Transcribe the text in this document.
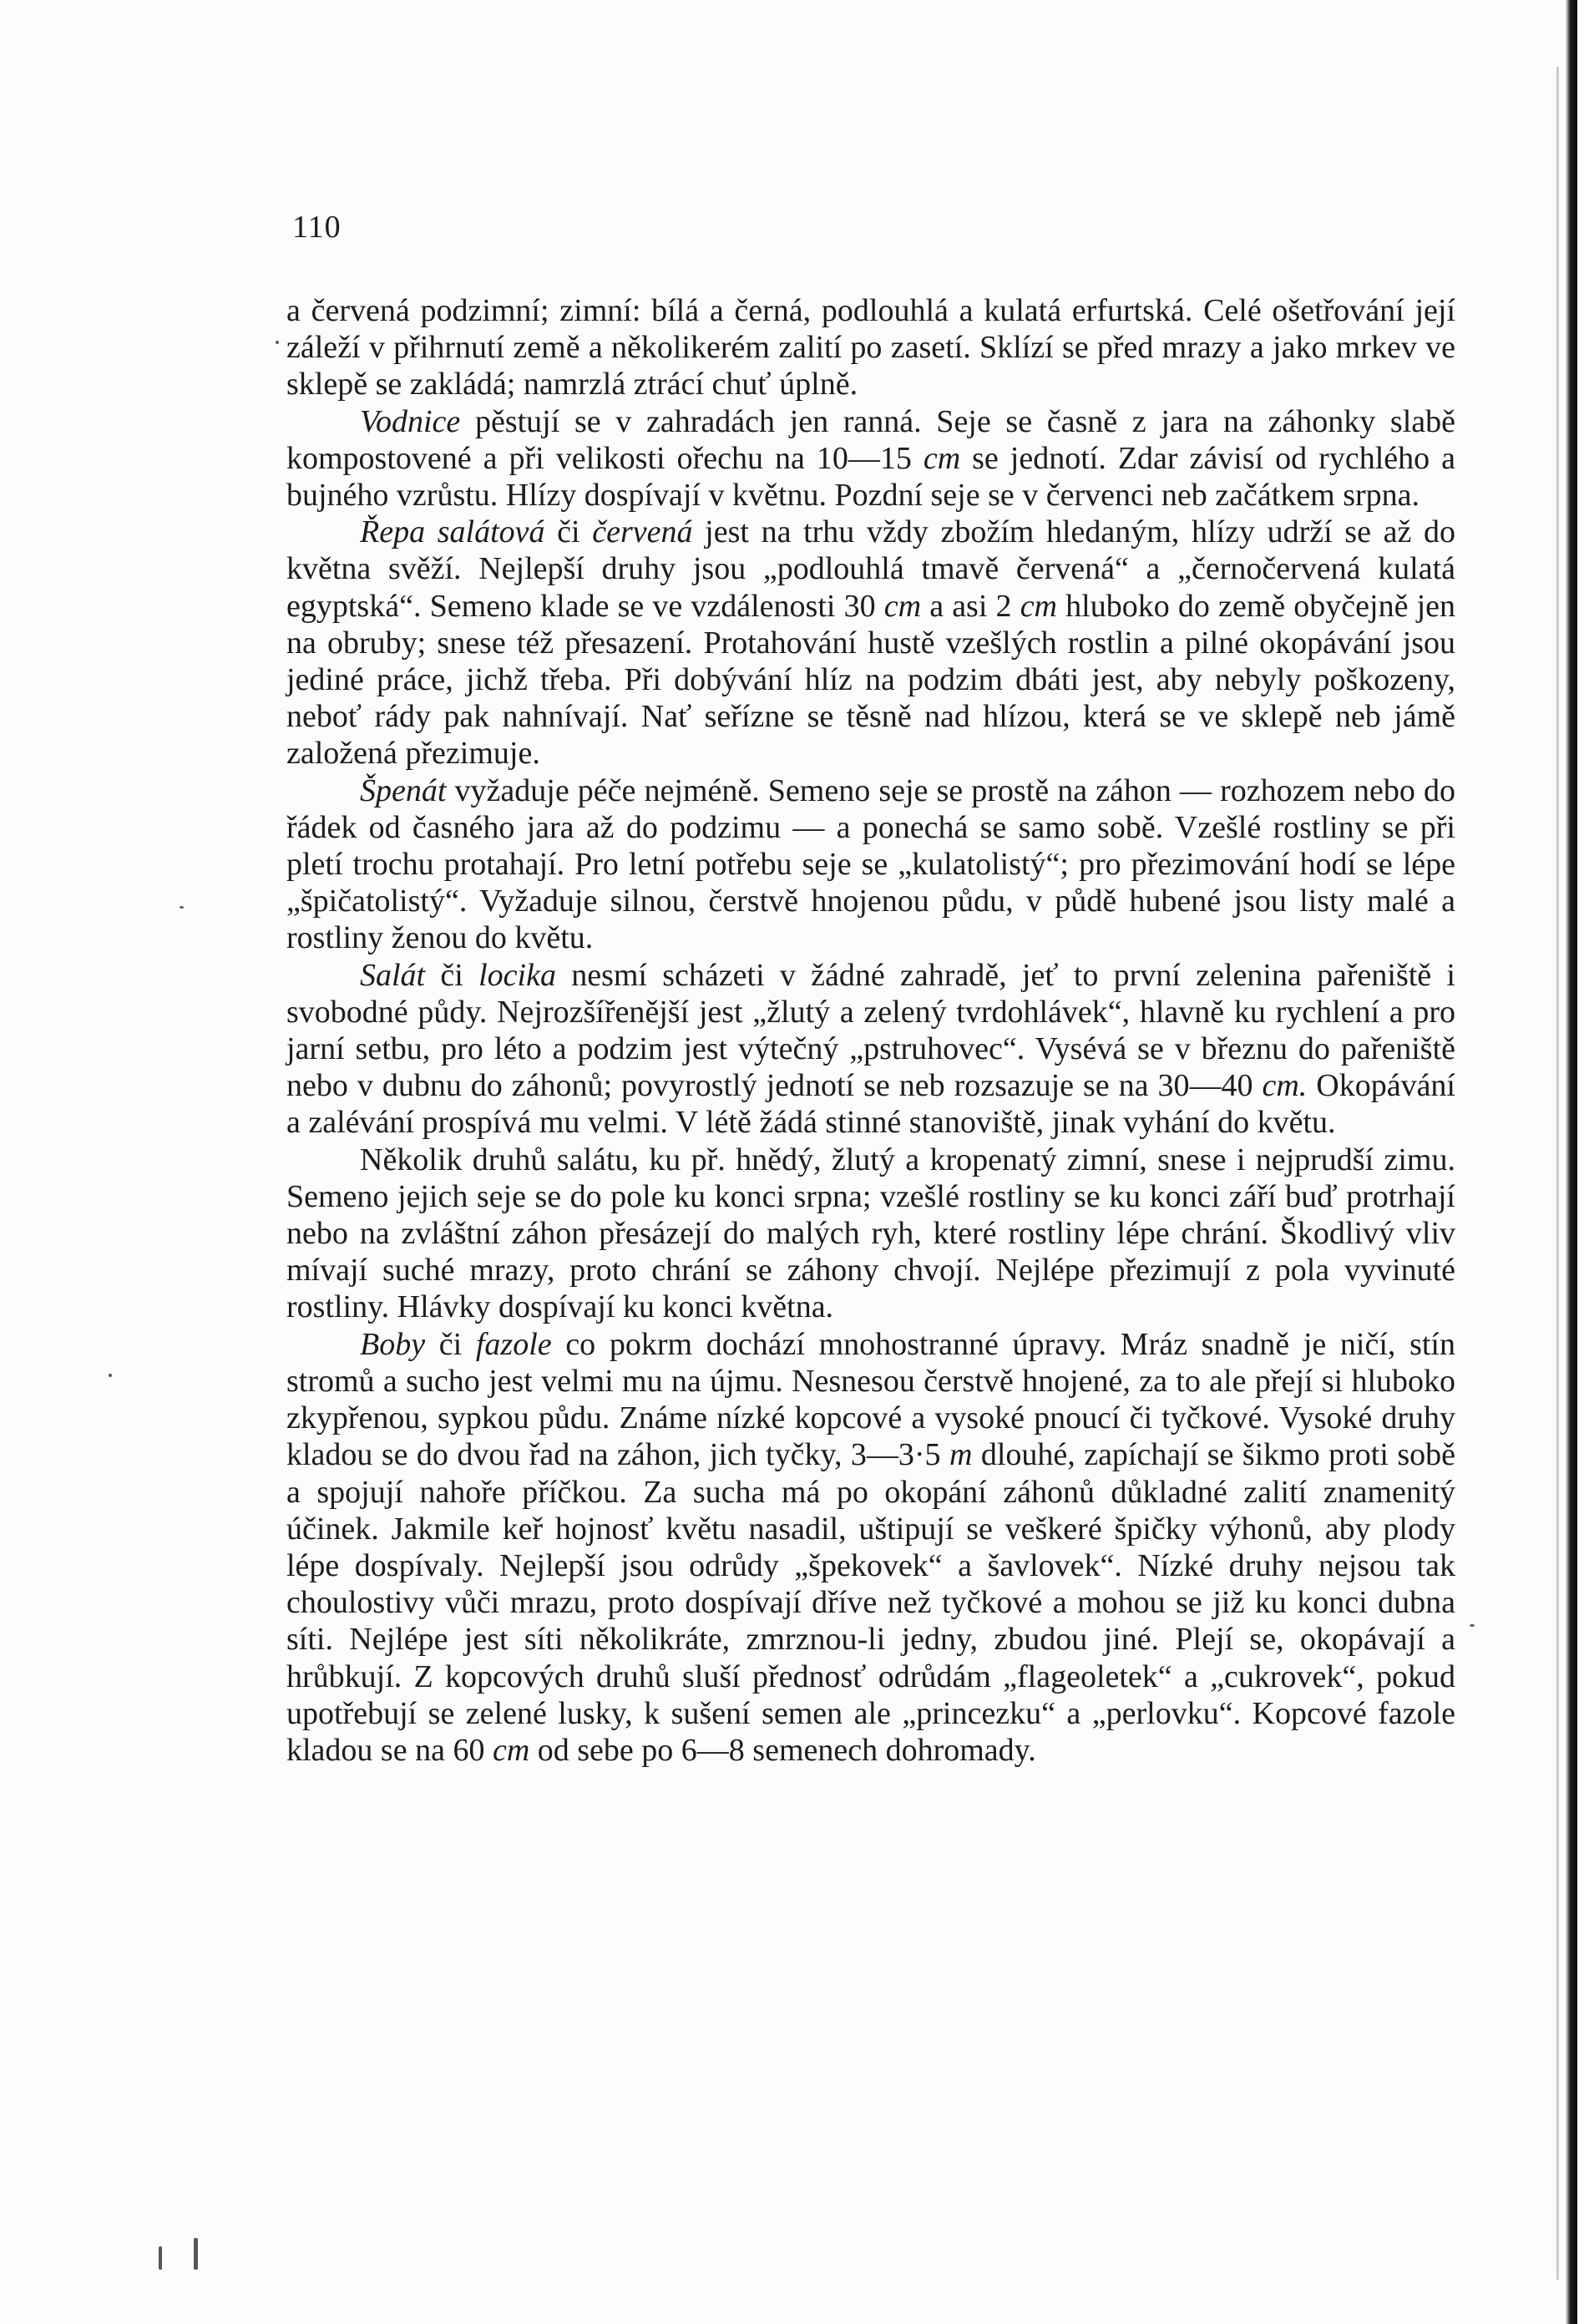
110

a červená podzimní; zimní: bílá a černá, podlouhlá a kulatá erfurtská. Celé ošetřování její záleží v přihrnutí země a několikerém zalití po zasetí. Sklízí se před mrazy a jako mrkev ve sklepě se zakládá; namrzlá ztrácí chuť úplně.

Vodnice pěstují se v zahradách jen ranná. Seje se časně z jara na záhonky slabě kompostovené a při velikosti ořechu na 10—15 cm se jednotí. Zdar závisí od rychlého a bujného vzrůstu. Hlízy dospívají v květnu. Pozdní seje se v červenci neb začátkem srpna.

Řepa salátová či červená jest na trhu vždy zbožím hledaným, hlízy udrží se až do května svěží. Nejlepší druhy jsou „podlouhlá tmavě červená“ a „černočervená kulatá egyptská“. Semeno klade se ve vzdálenosti 30 cm a asi 2 cm hluboko do země obyčejně jen na obruby; snese též přesazení. Protahování hustě vzešlých rostlin a pilné okopávání jsou jediné práce, jichž třeba. Při dobývání hlíz na podzim dbáti jest, aby nebyly poškozeny, neboť rády pak nahnívají. Nať seřízne se těsně nad hlízou, která se ve sklepě neb jámě založená přezimuje.

Špenát vyžaduje péče nejméně. Semeno seje se prostě na záhon — rozhozem nebo do řádek od časného jara až do podzimu — a ponechá se samo sobě. Vzešlé rostliny se při pletí trochu protahají. Pro letní potřebu seje se „kulatolistý“; pro přezimování hodí se lépe „špičatolistý“. Vyžaduje silnou, čerstvě hnojenou půdu, v půdě hubené jsou listy malé a rostliny ženou do květu.

Salát či locika nesmí scházeti v žádné zahradě, jeť to první zelenina pařeniště i svobodné půdy. Nejrozšířenější jest „žlutý a zelený tvrdohlávek“, hlavně ku rychlení a pro jarní setbu, pro léto a podzim jest výtečný „pstruhovec“. Vysévá se v březnu do pařeniště nebo v dubnu do záhonů; povyrostlý jednotí se neb rozsazuje se na 30—40 cm. Okopávání a zalévání prospívá mu velmi. V létě žádá stinné stanoviště, jinak vyhání do květu.

Několik druhů salátu, ku př. hnědý, žlutý a kropenatý zimní, snese i nejprudší zimu. Semeno jejich seje se do pole ku konci srpna; vzešlé rostliny se ku konci září buď protrhají nebo na zvláštní záhon přesázejí do malých ryh, které rostliny lépe chrání. Škodlivý vliv mívají suché mrazy, proto chrání se záhony chvojí. Nejlépe přezimují z pola vyvinuté rostliny. Hlávky dospívají ku konci května.

Boby či fazole co pokrm dochází mnohostranné úpravy. Mráz snadně je ničí, stín stromů a sucho jest velmi mu na újmu. Nesnesou čerstvě hnojené, za to ale přejí si hluboko zkypřenou, sypkou půdu. Známe nízké kopcové a vysoké pnoucí či tyčkové. Vysoké druhy kladou se do dvou řad na záhon, jich tyčky, 3—3·5 m dlouhé, zapíchají se šikmo proti sobě a spojují nahoře příčkou. Za sucha má po okopání záhonů důkladné zalití znamenitý účinek. Jakmile keř hojnosť květu nasadil, uštipují se veškeré špičky výhonů, aby plody lépe dospívaly. Nejlepší jsou odrůdy „špekovek“ a šavlovek“. Nízké druhy nejsou tak choulostivy vůči mrazu, proto dospívají dříve než tyčkové a mohou se již ku konci dubna síti. Nejlépe jest síti několikráte, zmrznou-li jedny, zbudou jiné. Plejí se, okopávají a hrůbkují. Z kopcových druhů sluší přednosť odrůdám „flageoletek“ a „cukrovek“, pokud upotřebují se zelené lusky, k sušení semen ale „princezku“ a „perlovku“. Kopcové fazole kladou se na 60 cm od sebe po 6—8 semenech dohromady.
